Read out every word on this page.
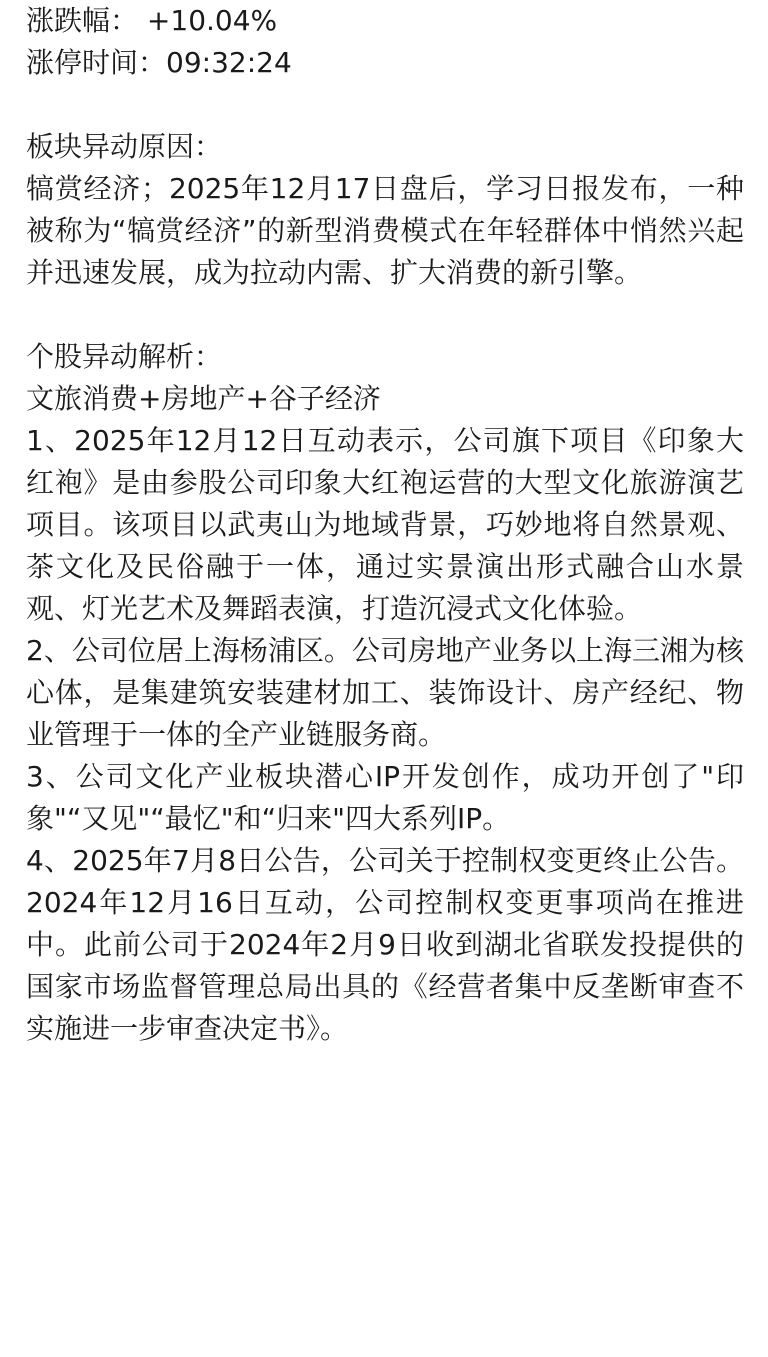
涨跌幅： +10.04%
涨停时间：09:32:24
板块异动原因：
犒赏经济；2025年12月17日盘后，学习日报发布，一种被称为“犒赏经济”的新型消费模式在年轻群体中悄然兴起并迅速发展，成为拉动内需、扩大消费的新引擎。
个股异动解析：
文旅消费+房地产+谷子经济
1、2025年12月12日互动表示，公司旗下项目《印象大红袍》是由参股公司印象大红袍运营的大型文化旅游演艺项目。该项目以武夷山为地域背景，巧妙地将自然景观、茶文化及民俗融于一体，通过实景演出形式融合山水景观、灯光艺术及舞蹈表演，打造沉浸式文化体验。
2、公司位居上海杨浦区。公司房地产业务以上海三湘为核心体，是集建筑安装建材加工、装饰设计、房产经纪、物业管理于一体的全产业链服务商。
3、公司文化产业板块潜心IP开发创作，成功开创了"印象"“又见"“最忆"和“归来"四大系列IP。
4、2025年7月8日公告，公司关于控制权变更终止公告。2024年12月16日互动，公司控制权变更事项尚在推进中。此前公司于2024年2月9日收到湖北省联发投提供的国家市场监督管理总局出具的《经营者集中反垄断审查不实施进一步审查决定书》。
